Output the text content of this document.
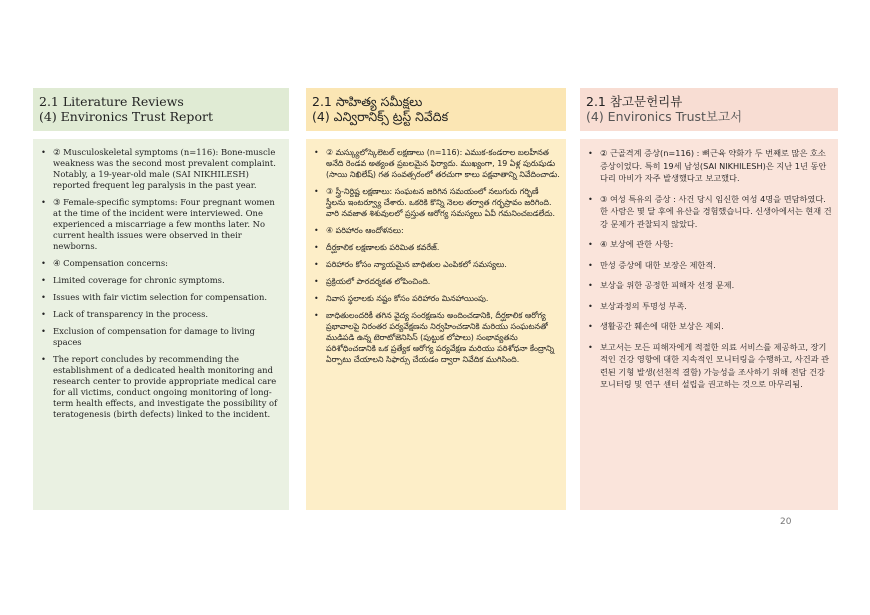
2.1 Literature Reviews
(4) Environics Trust Report
• ② Musculoskeletal symptoms (n=116): Bone-muscle weakness was the second most prevalent complaint. Notably, a 19-year-old male (SAI NIKHILESH) reported frequent leg paralysis in the past year.
• ③ Female-specific symptoms: Four pregnant women at the time of the incident were interviewed. One experienced a miscarriage a few months later. No current health issues were observed in their newborns.
• ④ Compensation concerns:
• Limited coverage for chronic symptoms.
• Issues with fair victim selection for compensation.
• Lack of transparency in the process.
• Exclusion of compensation for damage to living spaces
• The report concludes by recommending the establishment of a dedicated health monitoring and research center to provide appropriate medical care for all victims, conduct ongoing monitoring of long-term health effects, and investigate the possibility of teratogenesis (birth defects) linked to the incident.
2.1 సాహిత్య సమీక్షలు
(4) ఎన్విరానిక్స్ ట్రస్ట్ నివేదిక
• ② మస్క్యులోస్కెలెటల్ లక్షణాలు (n=116): ఎముక-కండరాల బలహీనత అనేది రెండవ అత్యంత ప్రబలమైన ఫిర్యాదు. ముఖ్యంగా, 19 ఏళ్ల పురుషుడు (సాయి నిఖిలేష్) గత సంవత్సరంలో తరచుగా కాలు పక్షవాతాన్ని నివేదించాడు.
• ③ స్త్రీ-నిర్దిష్ట లక్షణాలు: సంఘటన జరిగిన సమయంలో నలుగురు గర్భిణీ స్త్రీలను ఇంటర్వ్యూ చేశారు. ఒకరికి కొన్ని నెలల తర్వాత గర్భస్రావం జరిగింది. వారి నవజాత శిశువులలో ప్రస్తుత ఆరోగ్య సమస్యలు ఏవీ గమనించబడలేదు.
• ④ పరిహారం ఆందోళనలు:
• దీర్ఘకాలిక లక్షణాలకు పరిమిత కవరేజ్.
• పరిహారం కోసం న్యాయమైన బాధితుల ఎంపికలో సమస్యలు.
• ప్రక్రియలో పారదర్శకత లోపించింది.
• నివాస స్థలాలకు నష్టం కోసం పరిహారం మినహాయింపు.
• బాధితులందరికీ తగిన వైద్య సంరక్షణను అందించడానికి, దీర్ఘకాలిక ఆరోగ్య ప్రభావాలపై నిరంతర పర్యవేక్షణను నిర్వహించడానికి మరియు సంఘటనతో ముడిపడి ఉన్న టెరాటోజెనిసిస్ (పుట్టుక లోపాలు) సంభావ్యతను పరిశోధించడానికి ఒక ప్రత్యేక ఆరోగ్య పర్యవేక్షణ మరియు పరిశోధనా కేంద్రాన్ని ఏర్పాటు చేయాలని సిఫార్సు చేయడం ద్వారా నివేదిక ముగిసింది.
2.1 참고문헌리뷰
(4) Environics Trust보고서
• ② 근골격계 증상(n=116) : 뼈근육 약화가 두 번째로 많은 호소증상이었다. 특히 19세 남성(SAI NIKHILESH)은 지난 1년 동안 다리 마비가 자주 발생했다고 보고했다.
• ③ 여성 특유의 증상 : 사건 당시 임신한 여성 4명을 면담하였다. 한 사람은 몇 달 후에 유산을 경험했습니다. 신생아에서는 현재 건강 문제가 관찰되지 않았다.
• ④ 보상에 관한 사항:
• 만성 증상에 대한 보장은 제한적.
• 보상을 위한 공정한 피해자 선정 문제.
• 보상과정의 투명성 부족.
• 생활공간 훼손에 대한 보상은 제외.
• 보고서는 모든 피해자에게 적절한 의료 서비스를 제공하고, 장기적인 건강 영향에 대한 지속적인 모니터링을 수행하고, 사건과 관련된 기형 발생(선천적 결함) 가능성을 조사하기 위해 전담 건강 모니터링 및 연구 센터 설립을 권고하는 것으로 마무리됨.
20
